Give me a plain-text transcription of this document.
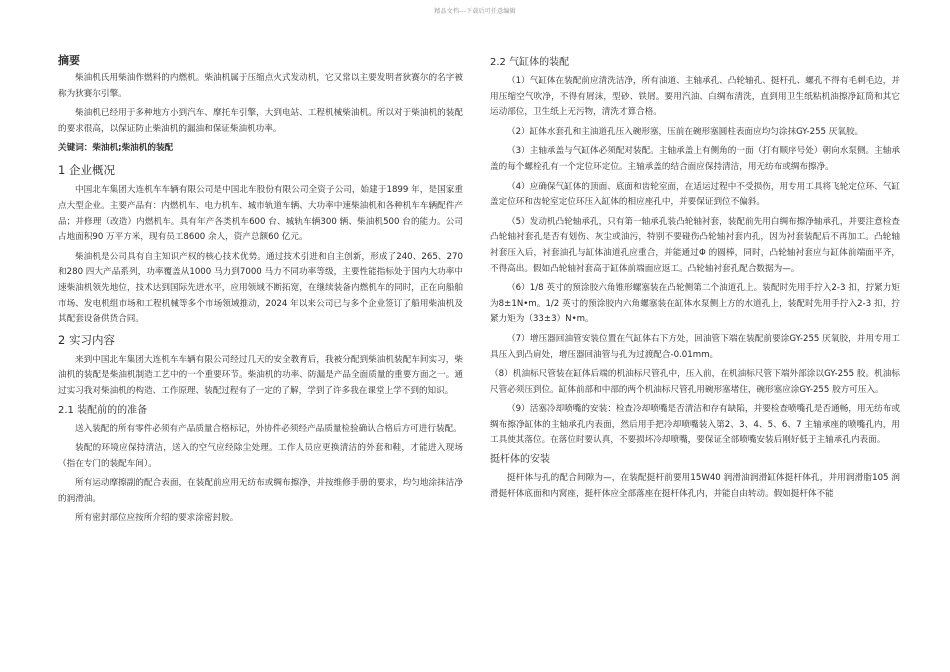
精品文档---下载后可任意编辑
摘要

柴油机氏用柴油作燃料的内燃机。柴油机属于压缩点火式发动机，它又常以主要发明者狄赛尔的名字被称为狄赛尔引擎。

柴油机已经用于多种地方小到汽车、摩托车引擎，大到电站、工程机械柴油机。所以对于柴油机的装配的要求很高，以保证防止柴油机的漏油和保证柴油机功率。

关键词：柴油机;柴油机的装配
1 企业概况

中国北车集团大连机车车辆有限公司是中国北车股份有限公司全资子公司，始建于1899 年，是国家重点大型企业。主要产品有：内燃机车、电力机车、城市轨道车辆、大功率中速柴油机和各种机车车辆配件产品；并修理（改造）内燃机车。具有年产各类机车600 台、城轨车辆300 辆、柴油机500 台的能力。公司占地面积90 万平方米，现有员工8600 余人，资产总额60 亿元。

柴油机是公司具有自主知识产权的核心技术优势。通过技术引进和自主创新，形成了240、265、270 和280 四大产品系列，功率覆盖从1000 马力到7000 马力不同功率等级，主要性能指标处于国内大功率中速柴油机领先地位，技术达到国际先进水平，应用领域不断拓宽，在继续装备内燃机车的同时，正在向船舶市场、发电机组市场和工程机械等多个市场领域推动，2024 年以来公司已与多个企业签订了船用柴油机及其配套设备供货合同。

2 实习内容

来到中国北车集团大连机车车辆有限公司经过几天的安全教育后，我被分配到柴油机装配车间实习，柴油机的装配是柴油机制造工艺中的一个重要环节。柴油机的功率、防漏是产品全面质量的重要方面之一。通过实习我对柴油机的构造、工作原理、装配过程有了一定的了解，学到了许多我在课堂上学不到的知识。

2.1 装配前的的准备

送入装配的所有零件必须有产品质量合格标记，外协件必须经产品质量检验确认合格后方可进行装配。

装配的环境应保持清洁，送入的空气应经除尘处理。工作人员应更换清洁的外套和鞋，才能进入现场（指在专门的装配车间）。

所有运动摩擦副的配合表面，在装配前应用无纺布或绸布擦净，并按维修手册的要求，均匀地涂抹洁净的润滑油。

所有密封部位应按所介绍的要求涂密封胶。

2.2 气缸体的装配

（1）气缸体在装配前应清洗洁净，所有油道、主轴承孔、凸轮轴孔、挺杆孔、螺孔不得有毛刺毛边，并用压缩空气吹净，不得有屑沫，型砂、铁屑。要用汽油、白绸布清洗，直到用卫生纸粘机油擦净缸筒和其它运动部位，卫生纸上无污物，清洗才算合格。

（2）缸体水套孔和主油道孔压入碗形塞，压前在碗形塞圆柱表面应均匀涂抹GY-255 厌氧胶。

（3）主轴承盖与气缸体必须配对装配。主轴承盖上有侧角的一面（打有顺序号处）朝向水泵侧。主轴承盖的每个螺栓孔有一个定位环定位。主轴承盖的结合面应保持清洁，用无纺布或绸布擦净。

（4）应确保气缸体的顶面、底面和齿轮室面，在适运过程中不受损伤，用专用工具将飞轮定位环、气缸盖定位环和齿轮室定位环压入缸体的相应座孔中，并要保证到位不偏斜。

（5）发动机凸轮轴承孔，只有第一轴承孔装凸轮轴衬套，装配前先用白绸布擦净轴承孔，并要注意检查凸轮轴衬套孔是否有划伤、灰尘或油污，特别不要碰伤凸轮轴衬套内孔，因为衬套装配后不再加工。凸轮轴衬套压入后，衬套油孔与缸体油道孔应重合，并能通过Φ 的圆棒，同时，凸轮轴衬套应与缸体前端面平齐，不得高出。假如凸轮轴衬套高于缸体前端面应返工。凸轮轴衬套孔配合数据为—。

（6）1/8 英寸的预涂胶六角锥形螺塞装在凸轮侧第二个油道孔上。装配时先用手拧入2-3 扣，拧紧力矩为8±1N•m。1/2 英寸的预涂胶内六角螺塞装在缸体水泵侧上方的水道孔上，装配时先用手拧入2-3 扣，拧紧力矩为（33±3）N•m。

（7）增压器回油管安装位置在气缸体右下方处，回油管下端在装配前要涂GY-255 厌氧胶，并用专用工具压入到凸肩处，增压器回油管与孔为过渡配合-0.01mm。

（8）机油标尺管装在缸体后端的机油标尺管孔中，压入前，在机油标尺管下端外部涂以GY-255 胶。机油标尺管必须压到位。缸体前部和中部的两个机油标尺管孔用碗形塞堵住，碗形塞应涂GY-255 胶方可压入。

（9）活塞冷却喷嘴的安装：检查冷却喷嘴是否清洁和存有缺陷，并要检查喷嘴孔是否通畅，用无纺布或绸布擦净缸体的主轴承孔内表面，然后用手把冷却喷嘴装入第2、3、4、5、6、7 主轴承座的喷嘴孔内，用工具使其落位。在落位时要认真，不要损坏冷却喷嘴，要保证全部喷嘴安装后刚好低于主轴承孔内表面。

挺杆体的安装

挺杆体与孔的配合间隙为—，在装配挺杆前要用15W40 润滑油润滑缸体挺杆体孔，并用润滑脂105 润滑挺杆体底面和内窝座，挺杆体应全部落座在挺杆体孔内，并能自由转动。假如挺杆体不能
